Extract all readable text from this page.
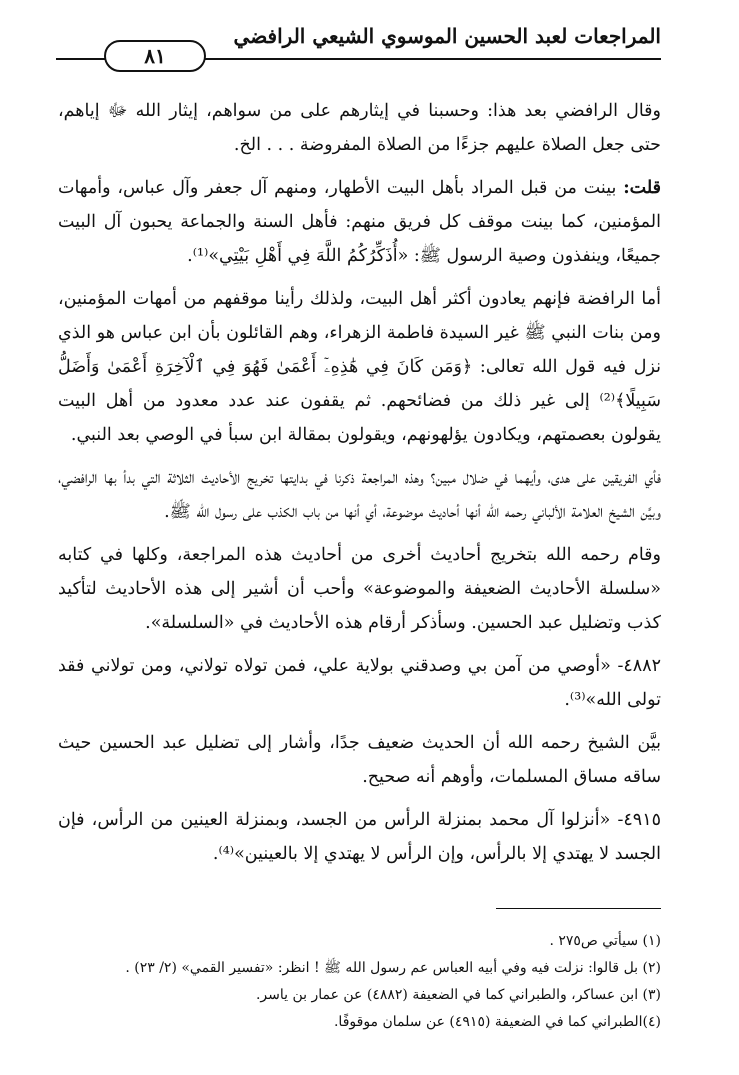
المراجعات لعبد الحسين الموسوي الشيعي الرافضي
٨١

وقال الرافضي بعد هذا: وحسبنا في إيثارهم على من سواهم، إيثار الله ﷻ إياهم، حتى جعل الصلاة عليهم جزءًا من الصلاة المفروضة . . . الخ.

قلت: بينت من قبل المراد بأهل البيت الأطهار، ومنهم آل جعفر وآل عباس، وأمهات المؤمنين، كما بينت موقف كل فريق منهم: فأهل السنة والجماعة يحبون آل البيت جميعًا، وينفذون وصية الرسول ﷺ: «أُذَكِّرُكُمُ اللَّهَ فِي أَهْلِ بَيْتِي»⁽¹⁾.

أما الرافضة فإنهم يعادون أكثر أهل البيت، ولذلك رأينا موقفهم من أمهات المؤمنين، ومن بنات النبي ﷺ غير السيدة فاطمة الزهراء، وهم القائلون بأن ابن عباس هو الذي نزل فيه قول الله تعالى: ﴿وَمَن كَانَ فِي هَٰذِهِۦٓ أَعْمَىٰ فَهُوَ فِي ٱلْآخِرَةِ أَعْمَىٰ وَأَضَلُّ سَبِيلًا﴾⁽²⁾ إلى غير ذلك من فضائحهم. ثم يقفون عند عدد معدود من أهل البيت يقولون بعصمتهم، ويكادون يؤلهونهم، ويقولون بمقالة ابن سبأ في الوصي بعد النبي.

فأي الفريقين على هدى، وأيهما في ضلال مبين؟ وهذه المراجعة ذكرنا في بدايتها تخريج الأحاديث الثلاثة التي بدأ بها الرافضي، وبيَّن الشيخ العلامة الألباني رحمه الله أنها أحاديث موضوعة، أي أنها من باب الكذب على رسول الله ﷺ.

وقام رحمه الله بتخريج أحاديث أخرى من أحاديث هذه المراجعة، وكلها في كتابه «سلسلة الأحاديث الضعيفة والموضوعة» وأحب أن أشير إلى هذه الأحاديث لتأكيد كذب وتضليل عبد الحسين. وسأذكر أرقام هذه الأحاديث في «السلسلة».

٤٨٨٢- «أوصي من آمن بي وصدقني بولاية علي، فمن تولاه تولاني، ومن تولاني فقد تولى الله»⁽³⁾.

بيَّن الشيخ رحمه الله أن الحديث ضعيف جدًا، وأشار إلى تضليل عبد الحسين حيث ساقه مساق المسلمات، وأوهم أنه صحيح.

٤٩١٥- «أنزلوا آل محمد بمنزلة الرأس من الجسد، وبمنزلة العينين من الرأس، فإن الجسد لا يهتدي إلا بالرأس، وإن الرأس لا يهتدي إلا بالعينين»⁽⁴⁾.

(١) سيأتي ص٢٧٥ .
(٢) بل قالوا: نزلت فيه وفي أبيه العباس عم رسول الله ﷺ ! انظر: «تفسير القمي» (٢/ ٢٣) .
(٣) ابن عساكر، والطبراني كما في الضعيفة (٤٨٨٢) عن عمار بن ياسر.
(٤)الطبراني كما في الضعيفة (٤٩١٥) عن سلمان موقوفًا.
